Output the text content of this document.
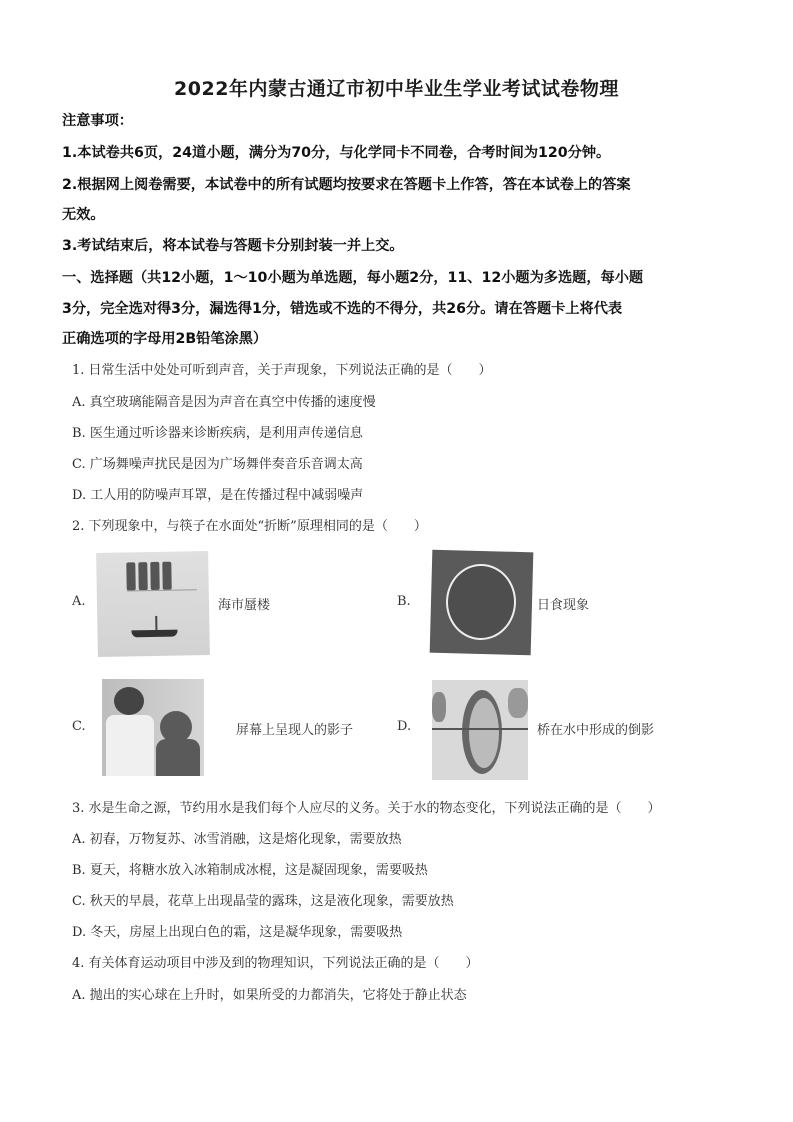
2022年内蒙古通辽市初中毕业生学业考试试卷物理
注意事项：
1.本试卷共6页，24道小题，满分为70分，与化学同卡不同卷，合考时间为120分钟。
2.根据网上阅卷需要，本试卷中的所有试题均按要求在答题卡上作答，答在本试卷上的答案
无效。
3.考试结束后，将本试卷与答题卡分别封装一并上交。
一、选择题（共12小题，1～10小题为单选题，每小题2分，11、12小题为多选题，每小题
3分，完全选对得3分，漏选得1分，错选或不选的不得分，共26分。请在答题卡上将代表
正确选项的字母用2B铅笔涂黑）
1. 日常生活中处处可听到声音，关于声现象，下列说法正确的是（　　）
A. 真空玻璃能隔音是因为声音在真空中传播的速度慢
B. 医生通过听诊器来诊断疾病，是利用声传递信息
C. 广场舞噪声扰民是因为广场舞伴奏音乐音调太高
D. 工人用的防噪声耳罩，是在传播过程中减弱噪声
2. 下列现象中，与筷子在水面处“折断”原理相同的是（　　）
A.	海市蜃楼	B.	日食现象
C.	屏幕上呈现人的影子	D.	桥在水中形成的倒影
3. 水是生命之源，节约用水是我们每个人应尽的义务。关于水的物态变化，下列说法正确的是（　　）
A. 初春，万物复苏、冰雪消融，这是熔化现象，需要放热
B. 夏天，将糖水放入冰箱制成冰棍，这是凝固现象，需要吸热
C. 秋天的早晨，花草上出现晶莹的露珠，这是液化现象，需要放热
D. 冬天，房屋上出现白色的霜，这是凝华现象，需要吸热
4. 有关体育运动项目中涉及到的物理知识，下列说法正确的是（　　）
A. 抛出的实心球在上升时，如果所受的力都消失，它将处于静止状态
